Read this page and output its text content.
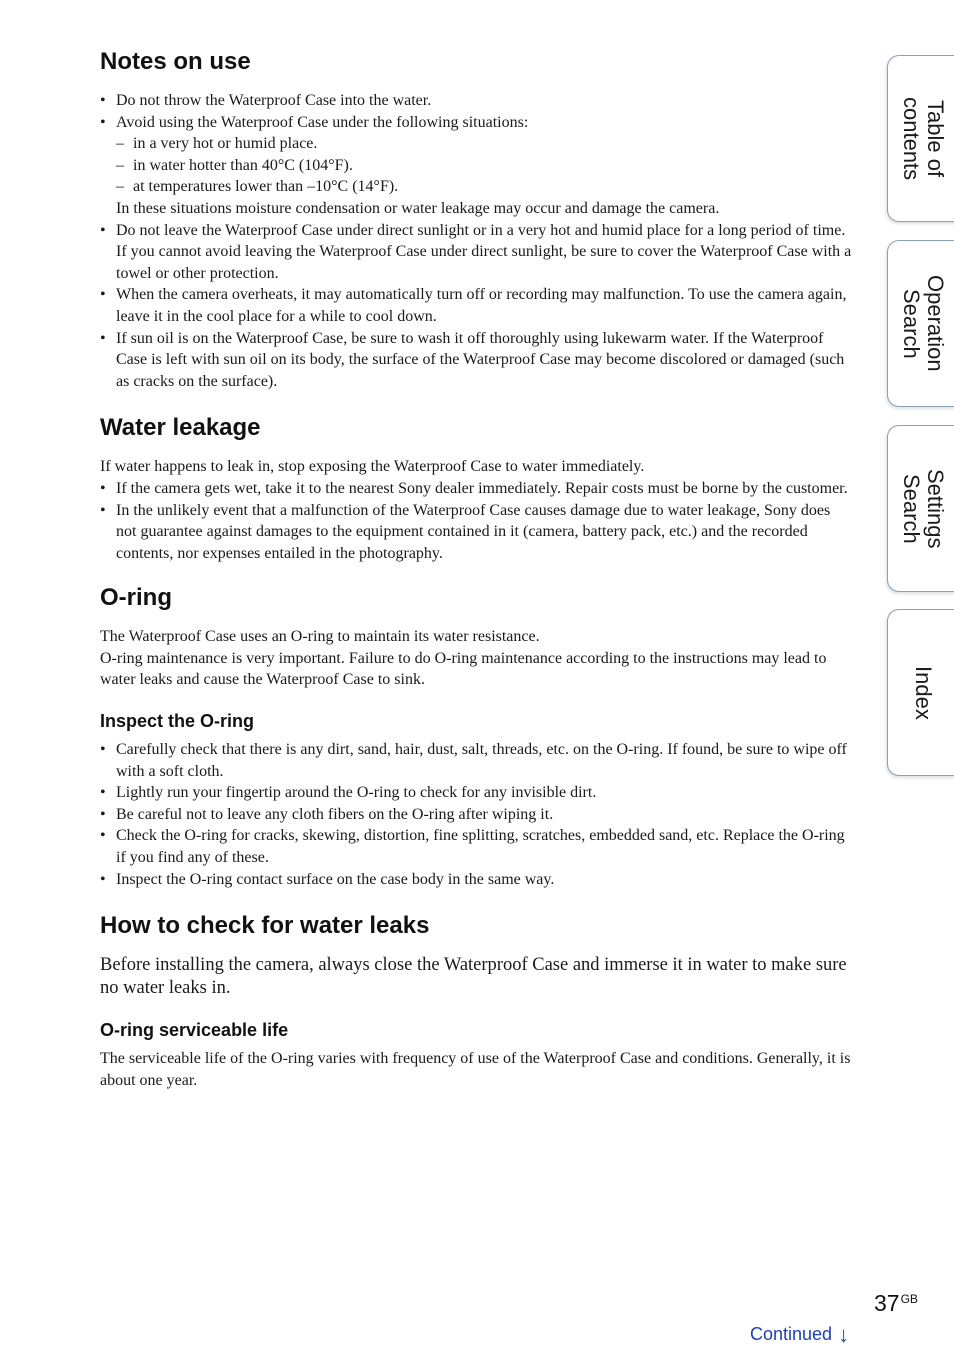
Notes on use
• Do not throw the Waterproof Case into the water.
• Avoid using the Waterproof Case under the following situations:
– in a very hot or humid place.
– in water hotter than 40°C (104°F).
– at temperatures lower than –10°C (14°F).
In these situations moisture condensation or water leakage may occur and damage the camera.
• Do not leave the Waterproof Case under direct sunlight or in a very hot and humid place for a long period of time. If you cannot avoid leaving the Waterproof Case under direct sunlight, be sure to cover the Waterproof Case with a towel or other protection.
• When the camera overheats, it may automatically turn off or recording may malfunction. To use the camera again, leave it in the cool place for a while to cool down.
• If sun oil is on the Waterproof Case, be sure to wash it off thoroughly using lukewarm water. If the Waterproof Case is left with sun oil on its body, the surface of the Waterproof Case may become discolored or damaged (such as cracks on the surface).
Water leakage

If water happens to leak in, stop exposing the Waterproof Case to water immediately.

• If the camera gets wet, take it to the nearest Sony dealer immediately. Repair costs must be borne by the customer.
• In the unlikely event that a malfunction of the Waterproof Case causes damage due to water leakage, Sony does not guarantee against damages to the equipment contained in it (camera, battery pack, etc.) and the recorded contents, nor expenses entailed in the photography.
O-ring

The Waterproof Case uses an O-ring to maintain its water resistance.

O-ring maintenance is very important. Failure to do O-ring maintenance according to the instructions may lead to water leaks and cause the Waterproof Case to sink.

Inspect the O-ring
• Carefully check that there is any dirt, sand, hair, dust, salt, threads, etc. on the O-ring. If found, be sure to wipe off with a soft cloth.
• Lightly run your fingertip around the O-ring to check for any invisible dirt.
• Be careful not to leave any cloth fibers on the O-ring after wiping it.
• Check the O-ring for cracks, skewing, distortion, fine splitting, scratches, embedded sand, etc. Replace the O-ring if you find any of these.
• Inspect the O-ring contact surface on the case body in the same way.
How to check for water leaks

Before installing the camera, always close the Waterproof Case and immerse it in water to make sure no water leaks in.

O-ring serviceable life

The serviceable life of the O-ring varies with frequency of use of the Waterproof Case and conditions. Generally, it is about one year.

Table of
contents
Operation
Search
Settings
Search
Index
$37^{GB}$
Continued ↓
